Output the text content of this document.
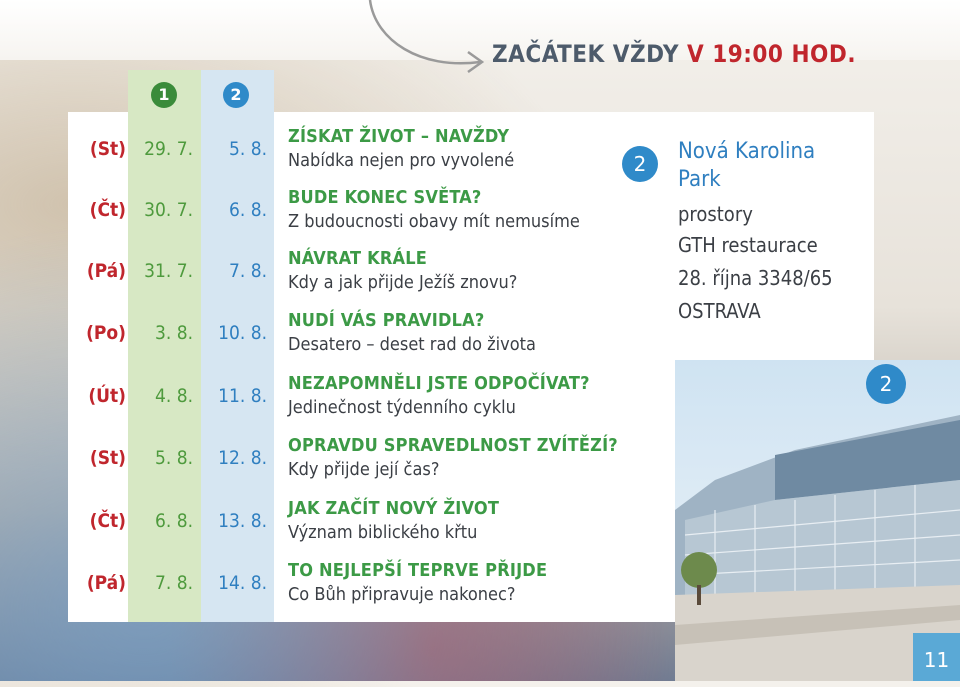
ZAČÁTEK VŽDY V 19:00 HOD.
1	2
(St) 29. 7.	5. 8.
ZÍSKAT ŽIVOT – NAVŽDY
Nabídka nejen pro vyvolené
(Čt) 30. 7.	6. 8.
BUDE KONEC SVĚTA?
Z budoucnosti obavy mít nemusíme
(Pá) 31. 7.	7. 8.
NÁVRAT KRÁLE
Kdy a jak přijde Ježíš znovu?
(Po)	3. 8.	10. 8.
NUDÍ VÁS PRAVIDLA?
Desatero – deset rad do života
(Út)	4. 8.	11. 8.
NEZAPOMNĚLI JSTE ODPOČÍVAT?
Jedinečnost týdenního cyklu
(St)	5. 8.	12. 8.
OPRAVDU SPRAVEDLNOST ZVÍTĚZÍ?
Kdy přijde její čas?
(Čt)	6. 8.	13. 8.
JAK ZAČÍT NOVÝ ŽIVOT
Význam biblického křtu
(Pá)	7. 8.	14. 8.
TO NEJLEPŠÍ TEPRVE PŘIJDE
Co Bůh připravuje nakonec?
2	Nová Karolina Park
prostory
GTH restaurace
28. října 3348/65
OSTRAVA
2
11
